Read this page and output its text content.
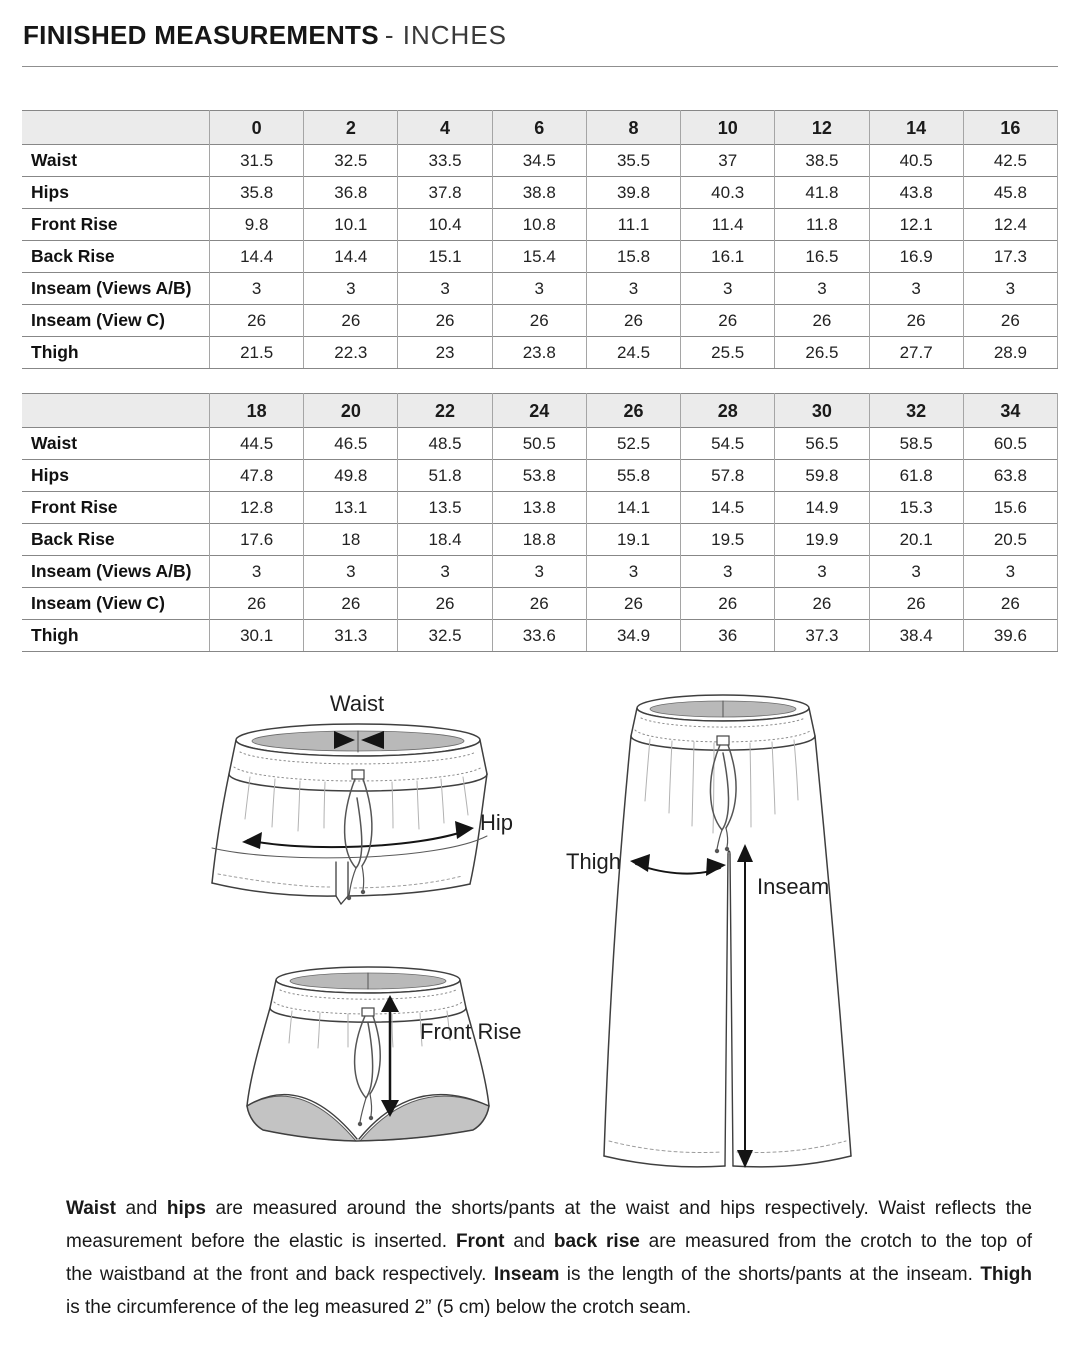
FINISHED MEASUREMENTS - INCHES
	0	2	4	6	8	10	12	14	16
Waist	31.5	32.5	33.5	34.5	35.5	37	38.5	40.5	42.5
Hips	35.8	36.8	37.8	38.8	39.8	40.3	41.8	43.8	45.8
Front Rise	9.8	10.1	10.4	10.8	11.1	11.4	11.8	12.1	12.4
Back Rise	14.4	14.4	15.1	15.4	15.8	16.1	16.5	16.9	17.3
Inseam (Views A/B)	3	3	3	3	3	3	3	3	3
Inseam (View C)	26	26	26	26	26	26	26	26	26
Thigh	21.5	22.3	23	23.8	24.5	25.5	26.5	27.7	28.9
	18	20	22	24	26	28	30	32	34
Waist	44.5	46.5	48.5	50.5	52.5	54.5	56.5	58.5	60.5
Hips	47.8	49.8	51.8	53.8	55.8	57.8	59.8	61.8	63.8
Front Rise	12.8	13.1	13.5	13.8	14.1	14.5	14.9	15.3	15.6
Back Rise	17.6	18	18.4	18.8	19.1	19.5	19.9	20.1	20.5
Inseam (Views A/B)	3	3	3	3	3	3	3	3	3
Inseam (View C)	26	26	26	26	26	26	26	26	26
Thigh	30.1	31.3	32.5	33.6	34.9	36	37.3	38.4	39.6
Waist
Hip
Front Rise
Thigh
Inseam
Waist and hips are measured around the shorts/pants at the waist and hips respectively. Waist reflects the
measurement before the elastic is inserted. Front and back rise are measured from the crotch to the top of
the waistband at the front and back respectively. Inseam is the length of the shorts/pants at the inseam. Thigh
is the circumference of the leg measured 2” (5 cm) below the crotch seam.
